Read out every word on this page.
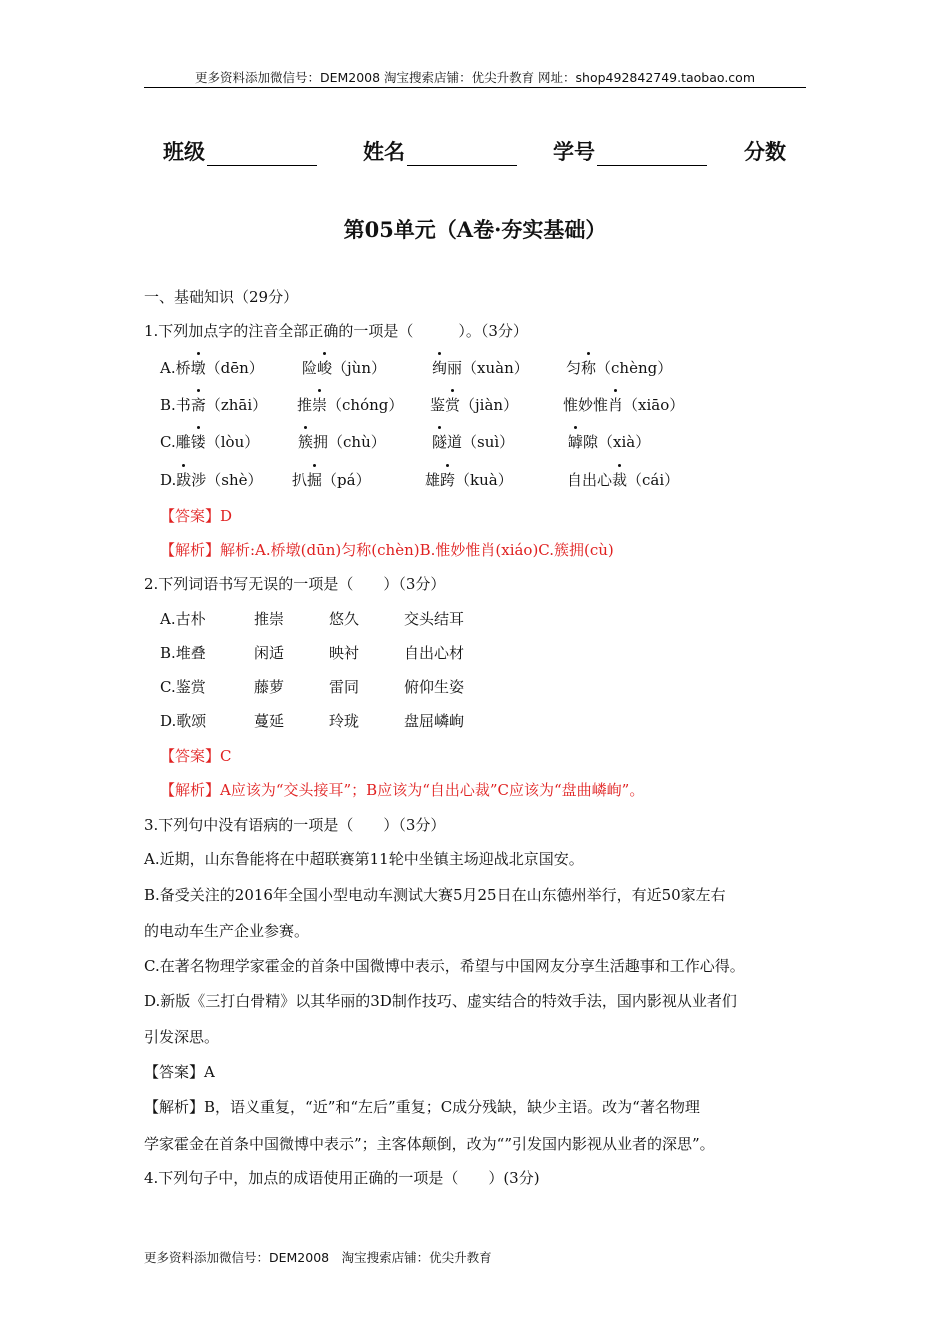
更多资料添加微信号：DEM2008 淘宝搜索店铺：优尖升教育 网址：shop492842749.taobao.com
班级	姓名	学号	分数
第05单元（A卷·夯实基础）
一、基础知识（29分）
1.下列加点字的注音全部正确的一项是（　　　）。（3分）
A.桥墩（dēn）	险峻（jùn）	绚丽（xuàn） 匀称（chèng）
B.书斋（zhāi） 推崇（chóng） 鉴赏（jiàn）	惟妙惟肖（xiāo）
C.雕镂（lòu）	簇拥（chù）	隧道（suì）	罅隙（xià）
D.跋涉（shè） 扒掘（pá）	雄跨（kuà）	自出心裁（cái）
【答案】D
【解析】解析:A.桥墩(dūn)匀称(chèn)B.惟妙惟肖(xiáo)C.簇拥(cù)
2.下列词语书写无误的一项是（　　）（3分）
A.古朴	推崇	悠久	交头结耳
B.堆叠	闲适	映衬	自出心材
C.鉴赏	藤萝	雷同	俯仰生姿
D.歌颂	蔓延	玲珑	盘屈嶙峋
【答案】C
【解析】A应该为“交头接耳”；B应该为“自出心裁”C应该为“盘曲嶙峋”。
3.下列句中没有语病的一项是（　　）（3分）
A.近期，山东鲁能将在中超联赛第11轮中坐镇主场迎战北京国安。
B.备受关注的2016年全国小型电动车测试大赛5月25日在山东德州举行，有近50家左右
的电动车生产企业参赛。
C.在著名物理学家霍金的首条中国微博中表示，希望与中国网友分享生活趣事和工作心得。
D.新版《三打白骨精》以其华丽的3D制作技巧、虚实结合的特效手法，国内影视从业者们
引发深思。
【答案】A
【解析】B，语义重复，“近”和“左后”重复；C成分残缺，缺少主语。改为“著名物理
学家霍金在首条中国微博中表示”；主客体颠倒，改为“”引发国内影视从业者的深思”。
4.下列句子中，加点的成语使用正确的一项是（　　）(3分)
更多资料添加微信号：DEM2008　淘宝搜索店铺：优尖升教育
